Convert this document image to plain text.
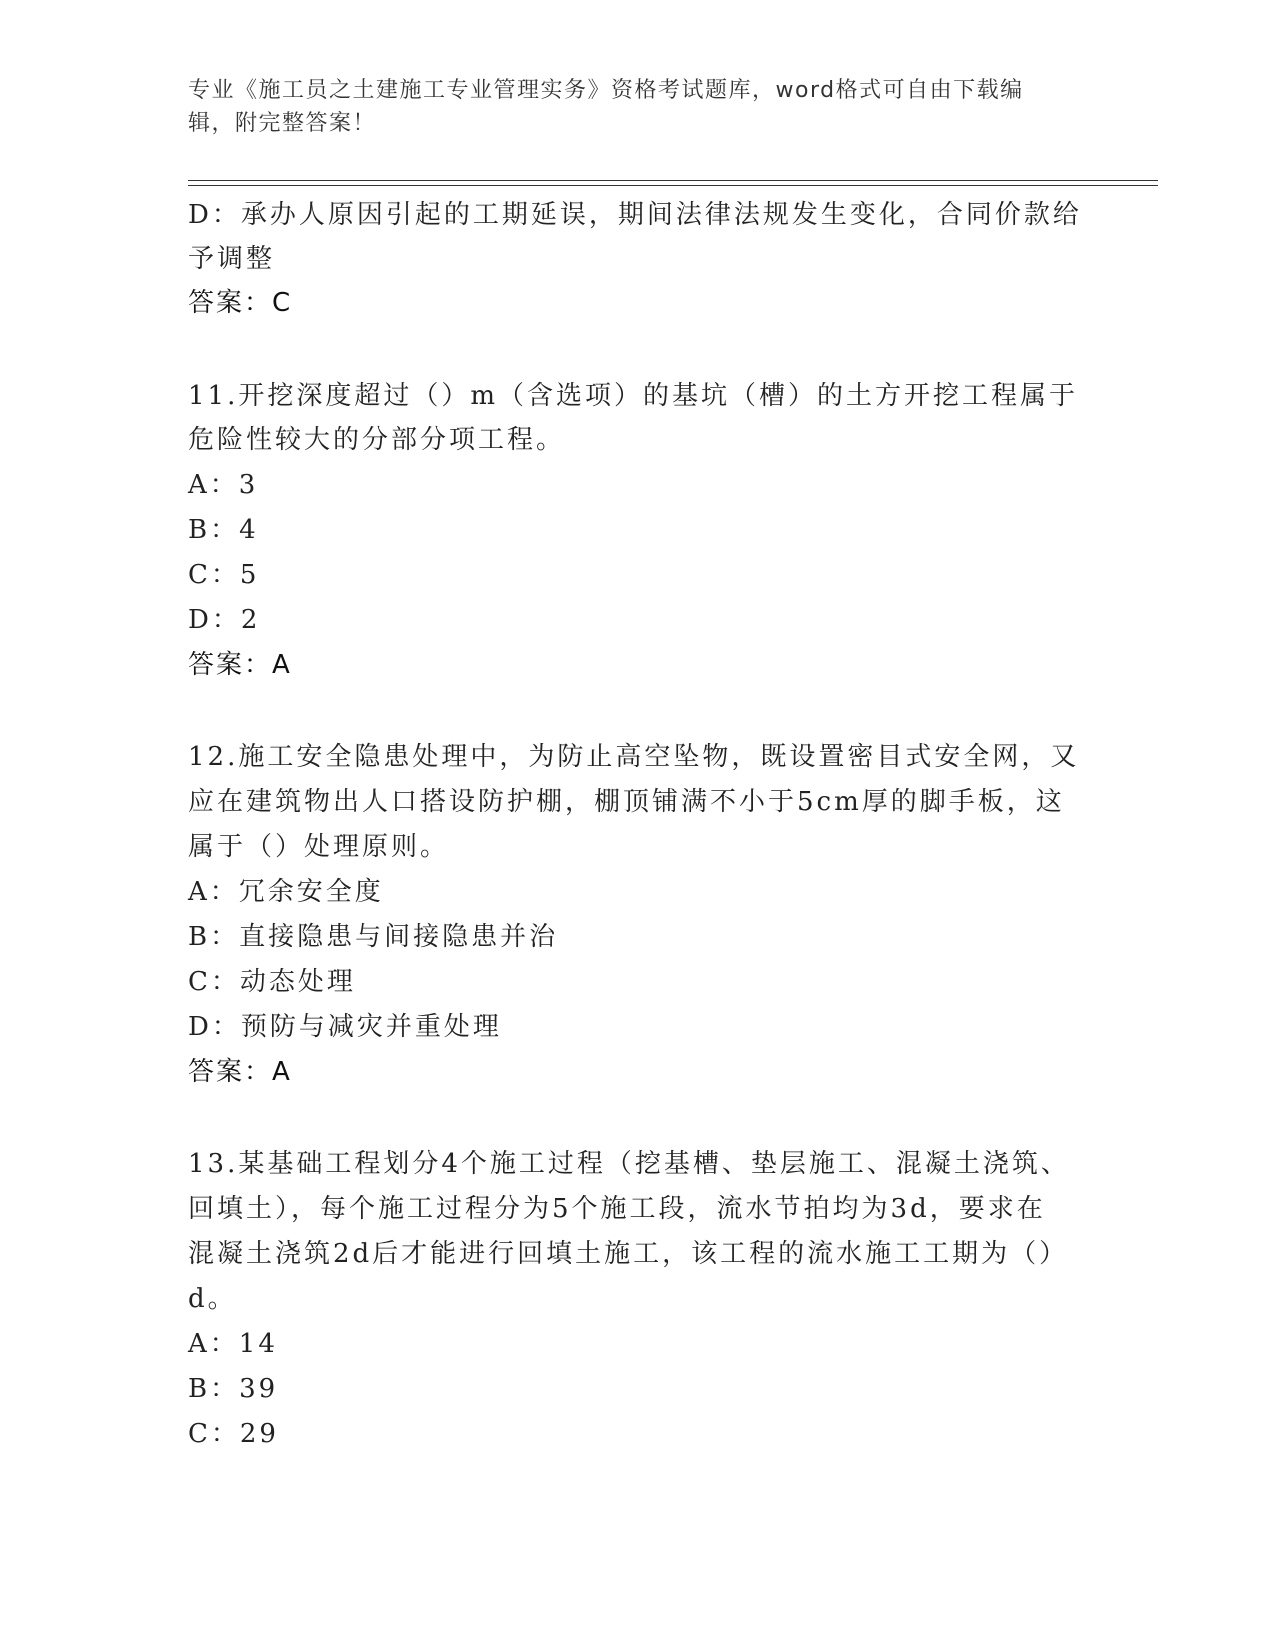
专业《施工员之土建施工专业管理实务》资格考试题库，word格式可自由下载编
辑，附完整答案！
D：承办人原因引起的工期延误，期间法律法规发生变化，合同价款给
予调整
答案：C
11.开挖深度超过（）m（含选项）的基坑（槽）的土方开挖工程属于
危险性较大的分部分项工程。
A：3
B：4
C：5
D：2
答案：A
12.施工安全隐患处理中，为防止高空坠物，既设置密目式安全网，又
应在建筑物出人口搭设防护棚，棚顶铺满不小于5cm厚的脚手板，这
属于（）处理原则。
A：冗余安全度
B：直接隐患与间接隐患并治
C：动态处理
D：预防与减灾并重处理
答案：A
13.某基础工程划分4个施工过程（挖基槽、垫层施工、混凝土浇筑、
回填土），每个施工过程分为5个施工段，流水节拍均为3d，要求在
混凝土浇筑2d后才能进行回填土施工，该工程的流水施工工期为（）
d。
A：14
B：39
C：29
